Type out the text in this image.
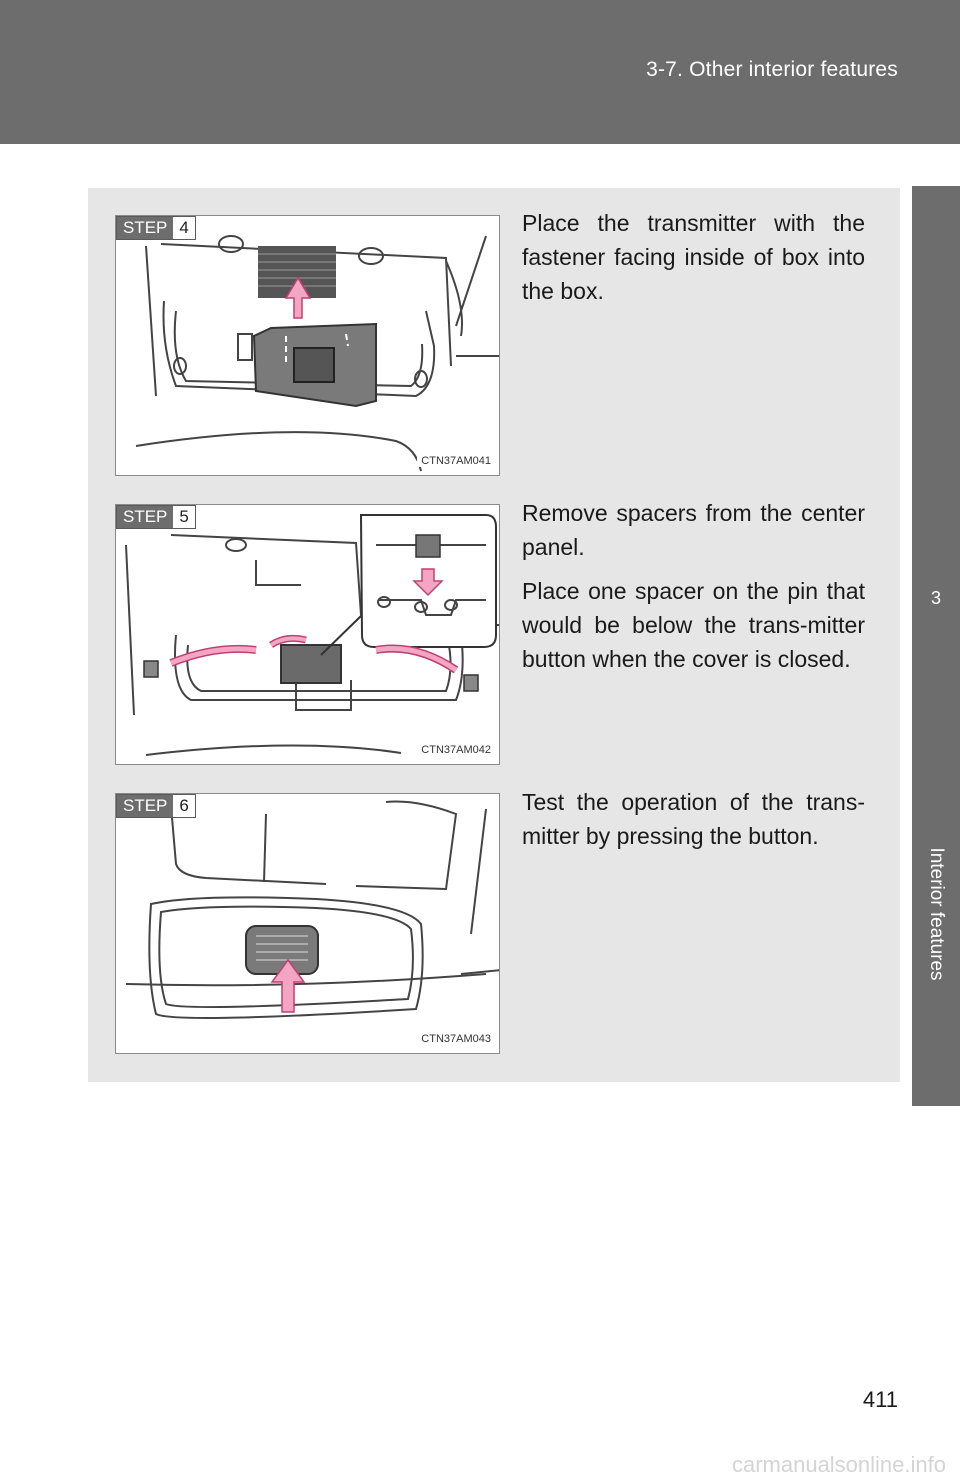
3-7. Other interior features
3
Interior features
STEP 4
CTN37AM041

Place the transmitter with the fastener facing inside of box into the box.

STEP 5
CTN37AM042

Remove spacers from the center panel.

Place one spacer on the pin that would be below the trans-mitter button when the cover is closed.

STEP 6
CTN37AM043

Test the operation of the trans-mitter by pressing the button.

411
carmanualsonline.info
